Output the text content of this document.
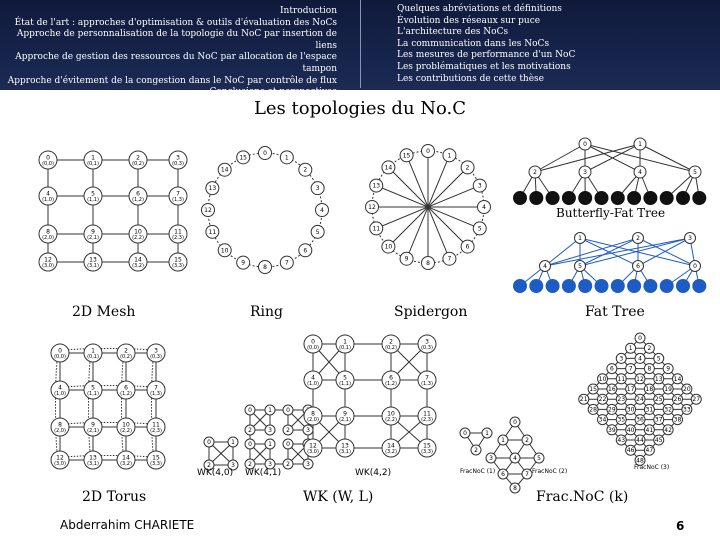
Introduction
État de l'art : approches d'optimisation & outils d'évaluation des NoCs
Approche de personnalisation de la topologie du NoC par insertion de liens
Approche de gestion des ressources du NoC par allocation de l'espace tampon
Approche d'évitement de la congestion dans le NoC par contrôle de flux
Conclusions et perspectives
Quelques abréviations et définitions
Évolution des réseaux sur puce
L'architecture des NoCs
La communication dans les NoCs
Les mesures de performance d'un NoC
Les problématiques et les motivations
Les contributions de cette thèse
Les topologies du No.C
0
(0,0)
1
(0,1)
2
(0,2)
3
(0,3)
4
(1,0)
5
(1,1)
6
(1,2)
7
(1,3)
8
(2,0)
9
(2,1)
10
(2,2)
11
(2,3)
12
(3,0)
13
(3,1)
14
(3,2)
15
(3,3)
0
1
2
3
4
5
6
7
8
9
10
11
12
13
14
15
0
1
2
3
4
5
6
7
8
9
10
11
12
13
14
15
0	1
2	3	4	5
1	2	3
4	5	6	0
0
(0,0)
1
(0,1)
2
(0,2)
3
(0,3)
4
(1,0)
5
(1,1)
6
(1,2)
7
(1,3)
8
(2,0)
9
(2,1)
10
(2,2)
11
(2,3)
12
(3,0)
13
(3,1)
14
(3,2)
15
(3,3)
0	1
2	3
0	1
2	3
0
2	3
0	1
2	3
0
2	3
0
(0,0)
1
(0,1)
2
(0,2)
3
(0,3)
4
(1,0)
5
(1,1)
6
(1,2)
7
(1,3)
8
(2,0)
9
(2,1)
10
(2,2)
11
(2,3)
12
(3,0)
13
(3,1)
14
(3,2)
15
(3,3)
0	1
2
0
1	2
3	4	5
6	7
8
0
1 2
3 4 5
6 7 8 9
10 11 12 13 14
15 16 17 18 19 20
21 22 23 24 25 26 27
28 29 30 31 32 33
34 35 36 37 38
39 40 41 42
43 44 45
46 47
48
2D Mesh	Ring	Spidergon	Fat Tree
Butterfly-Fat Tree
2D Torus	WK (W, L)	Frac.NoC (k)
WK(4,0) WK(4,1)	WK(4,2)	FracNoC (1)	FracNoC (2)
FracNoC (3)
Abderrahim CHARIETE	6
